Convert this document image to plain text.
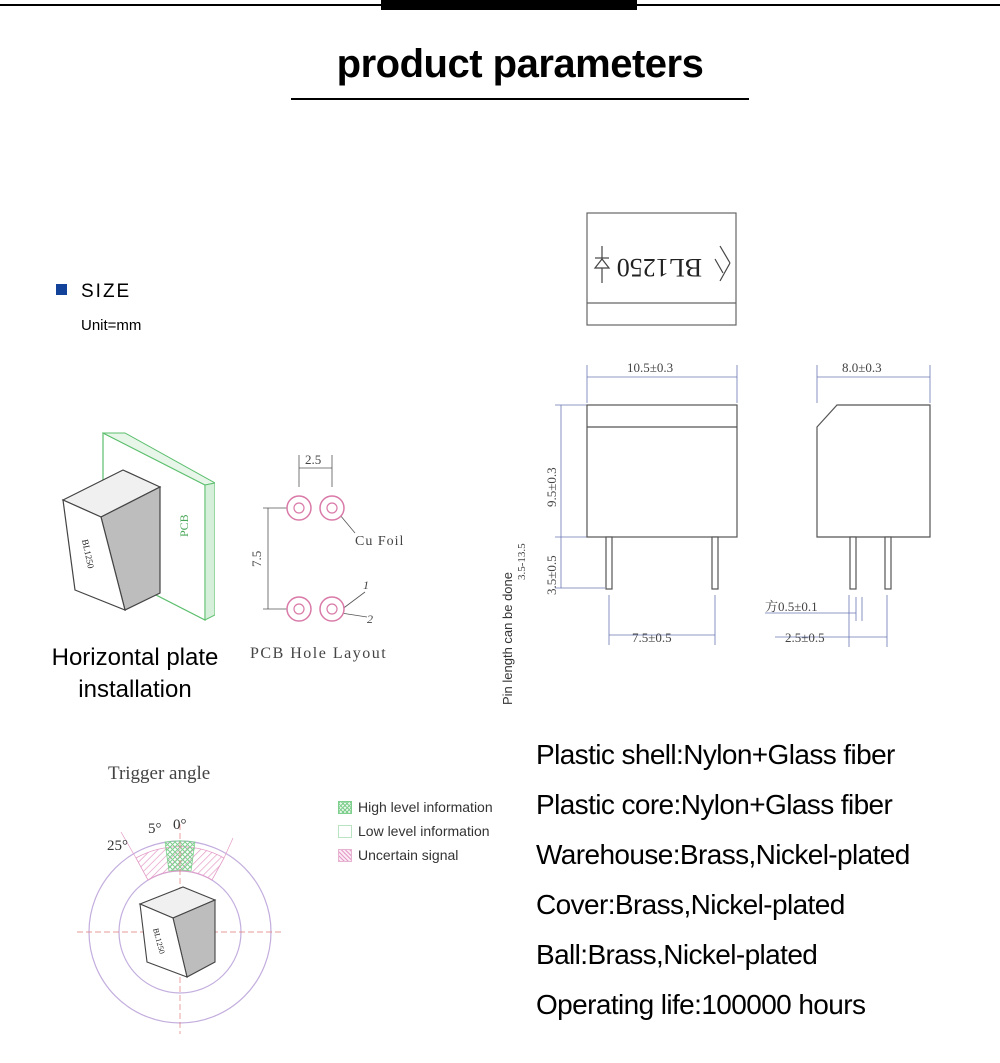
product parameters
SIZE
Unit=mm
BL1250
PCB
Horizontal plate installation
2.5
7.5
Cu Foil
1
2
PCB Hole Layout
BL1250
10.5±0.3	8.0±0.3
9.5±0.3
3.5±0.5
3.5-13.5
7.5±0.5	2.5±0.5
方0.5±0.1
Pin length can be done
Trigger angle
BL1250
25°
5° 0°
High level information
Low level information
Uncertain signal
Plastic shell:Nylon+Glass fiber
Plastic core:Nylon+Glass fiber
Warehouse:Brass,Nickel-plated
Cover:Brass,Nickel-plated
Ball:Brass,Nickel-plated
Operating life:100000 hours
